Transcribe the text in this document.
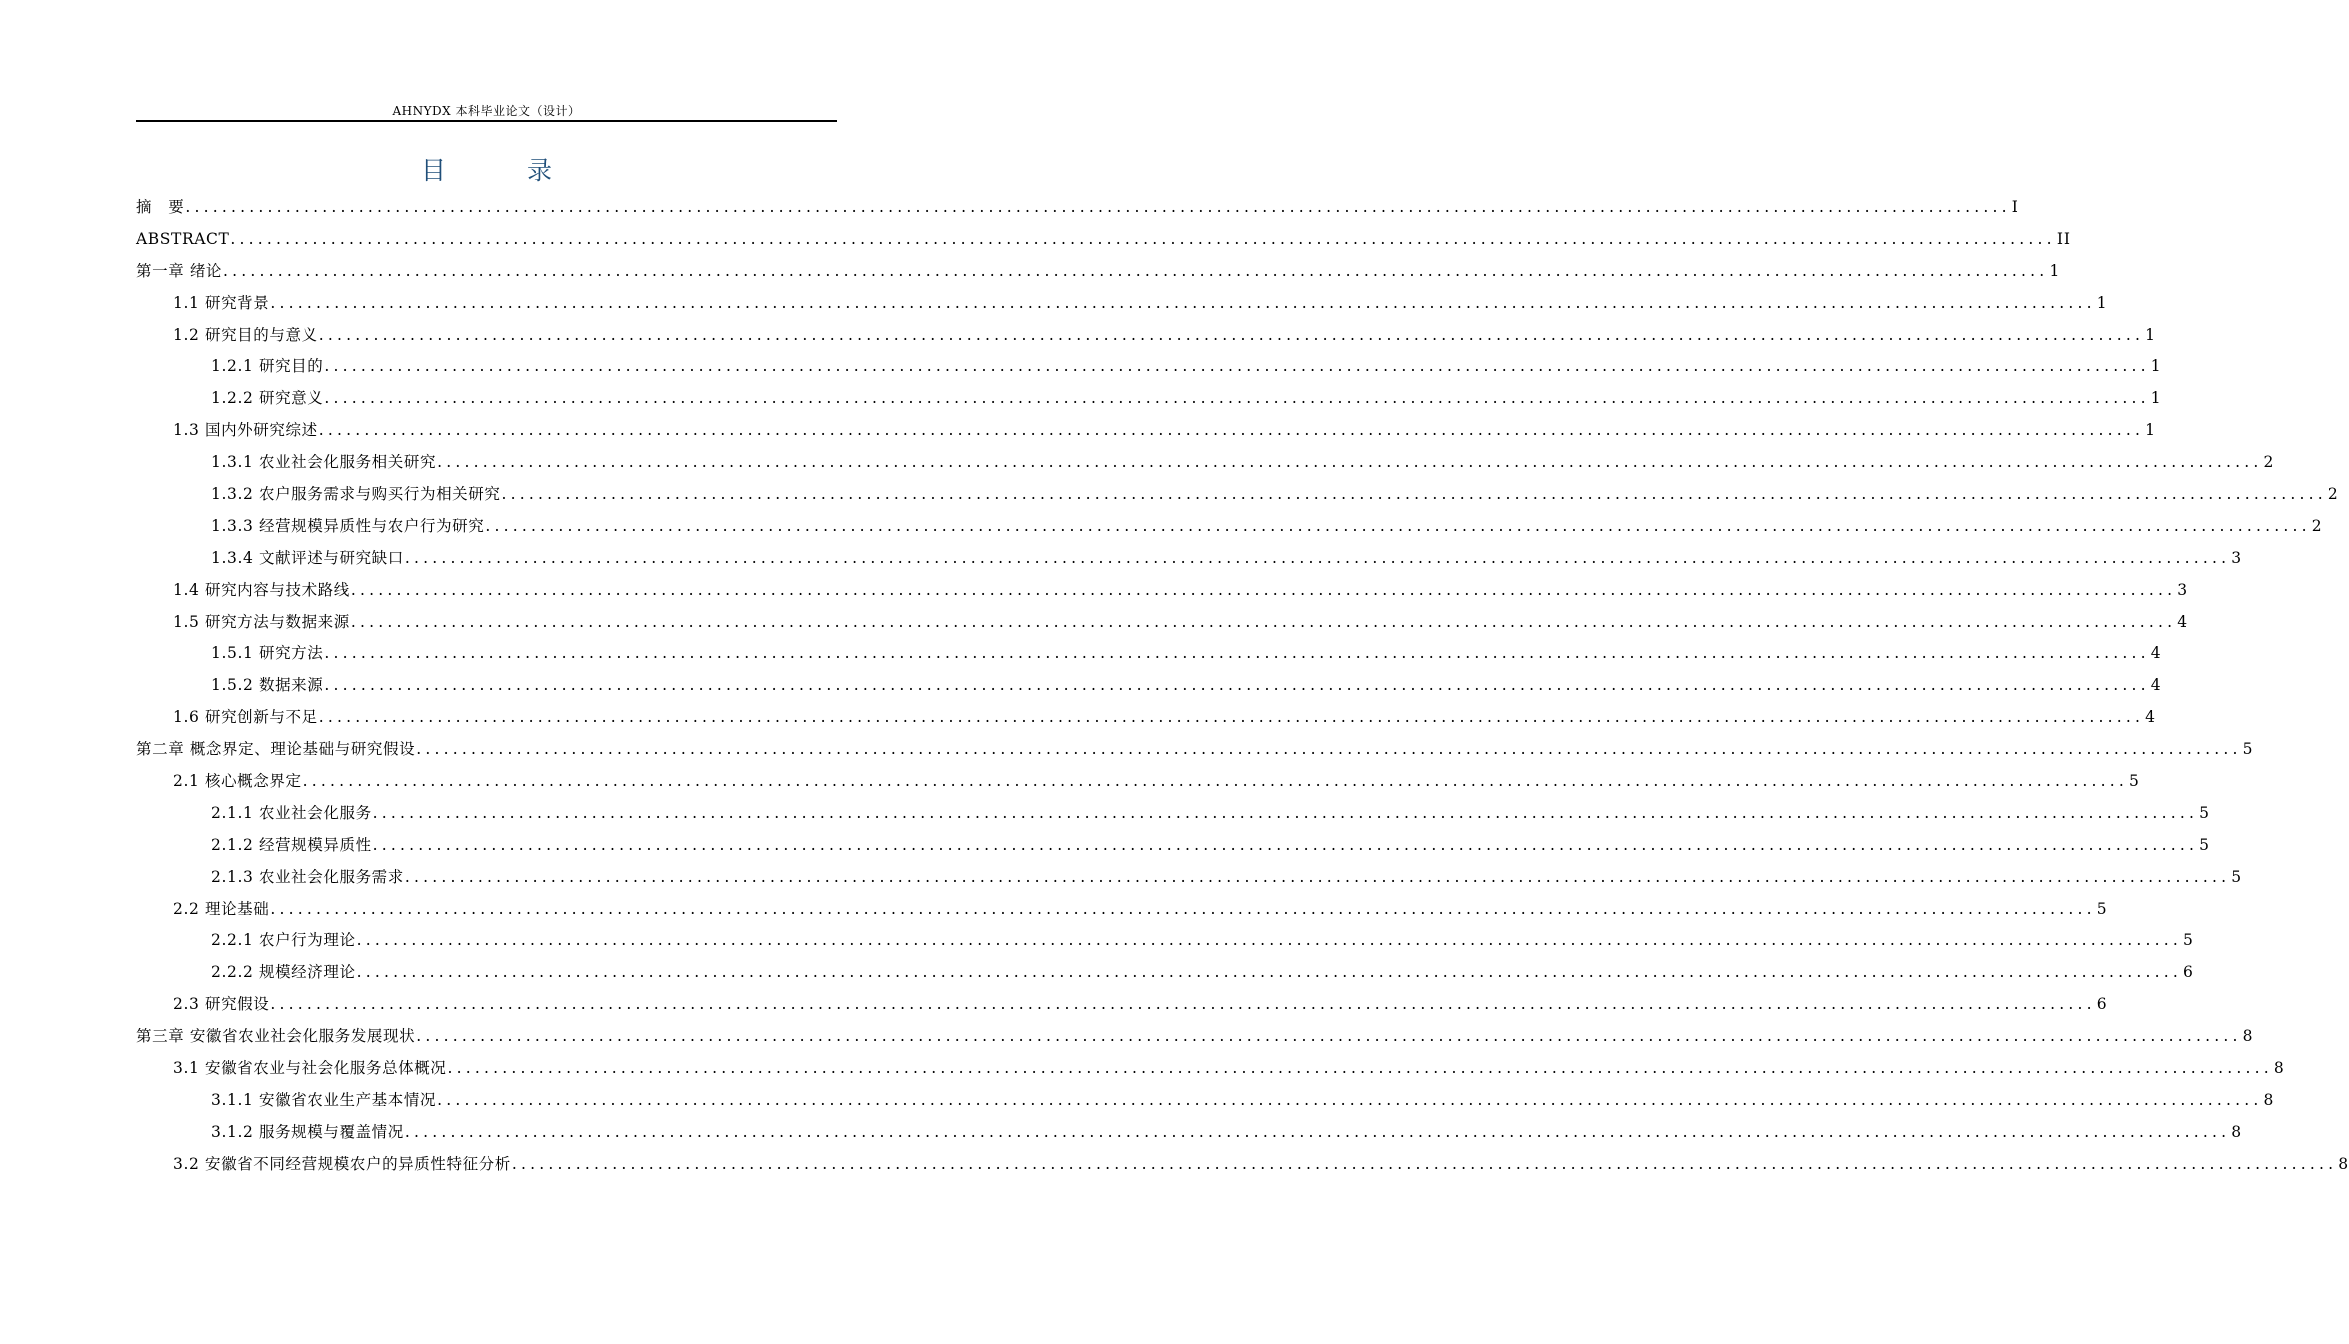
AHNYDX 本科毕业论文（设计）
目　录
摘　要 ........................................................................................................................................................................................................ I
ABSTRACT ........................................................................................................................................................................................................ II
第一章 绪论 ........................................................................................................................................................................................................ 1
1.1 研究背景 ........................................................................................................................................................................................................ 1
1.2 研究目的与意义 ........................................................................................................................................................................................................ 1
1.2.1 研究目的 ........................................................................................................................................................................................................ 1
1.2.2 研究意义 ........................................................................................................................................................................................................ 1
1.3 国内外研究综述 ........................................................................................................................................................................................................ 1
1.3.1 农业社会化服务相关研究 ........................................................................................................................................................................................................ 2
1.3.2 农户服务需求与购买行为相关研究 ........................................................................................................................................................................................................ 2
1.3.3 经营规模异质性与农户行为研究 ........................................................................................................................................................................................................ 2
1.3.4 文献评述与研究缺口 ........................................................................................................................................................................................................ 3
1.4 研究内容与技术路线 ........................................................................................................................................................................................................ 3
1.5 研究方法与数据来源 ........................................................................................................................................................................................................ 4
1.5.1 研究方法 ........................................................................................................................................................................................................ 4
1.5.2 数据来源 ........................................................................................................................................................................................................ 4
1.6 研究创新与不足 ........................................................................................................................................................................................................ 4
第二章 概念界定、理论基础与研究假设 ........................................................................................................................................................................................................ 5
2.1 核心概念界定 ........................................................................................................................................................................................................ 5
2.1.1 农业社会化服务 ........................................................................................................................................................................................................ 5
2.1.2 经营规模异质性 ........................................................................................................................................................................................................ 5
2.1.3 农业社会化服务需求 ........................................................................................................................................................................................................ 5
2.2 理论基础 ........................................................................................................................................................................................................ 5
2.2.1 农户行为理论 ........................................................................................................................................................................................................ 5
2.2.2 规模经济理论 ........................................................................................................................................................................................................ 6
2.3 研究假设 ........................................................................................................................................................................................................ 6
第三章 安徽省农业社会化服务发展现状 ........................................................................................................................................................................................................ 8
3.1 安徽省农业与社会化服务总体概况 ........................................................................................................................................................................................................ 8
3.1.1 安徽省农业生产基本情况 ........................................................................................................................................................................................................ 8
3.1.2 服务规模与覆盖情况 ........................................................................................................................................................................................................ 8
3.2 安徽省不同经营规模农户的异质性特征分析 ........................................................................................................................................................................................................ 8
